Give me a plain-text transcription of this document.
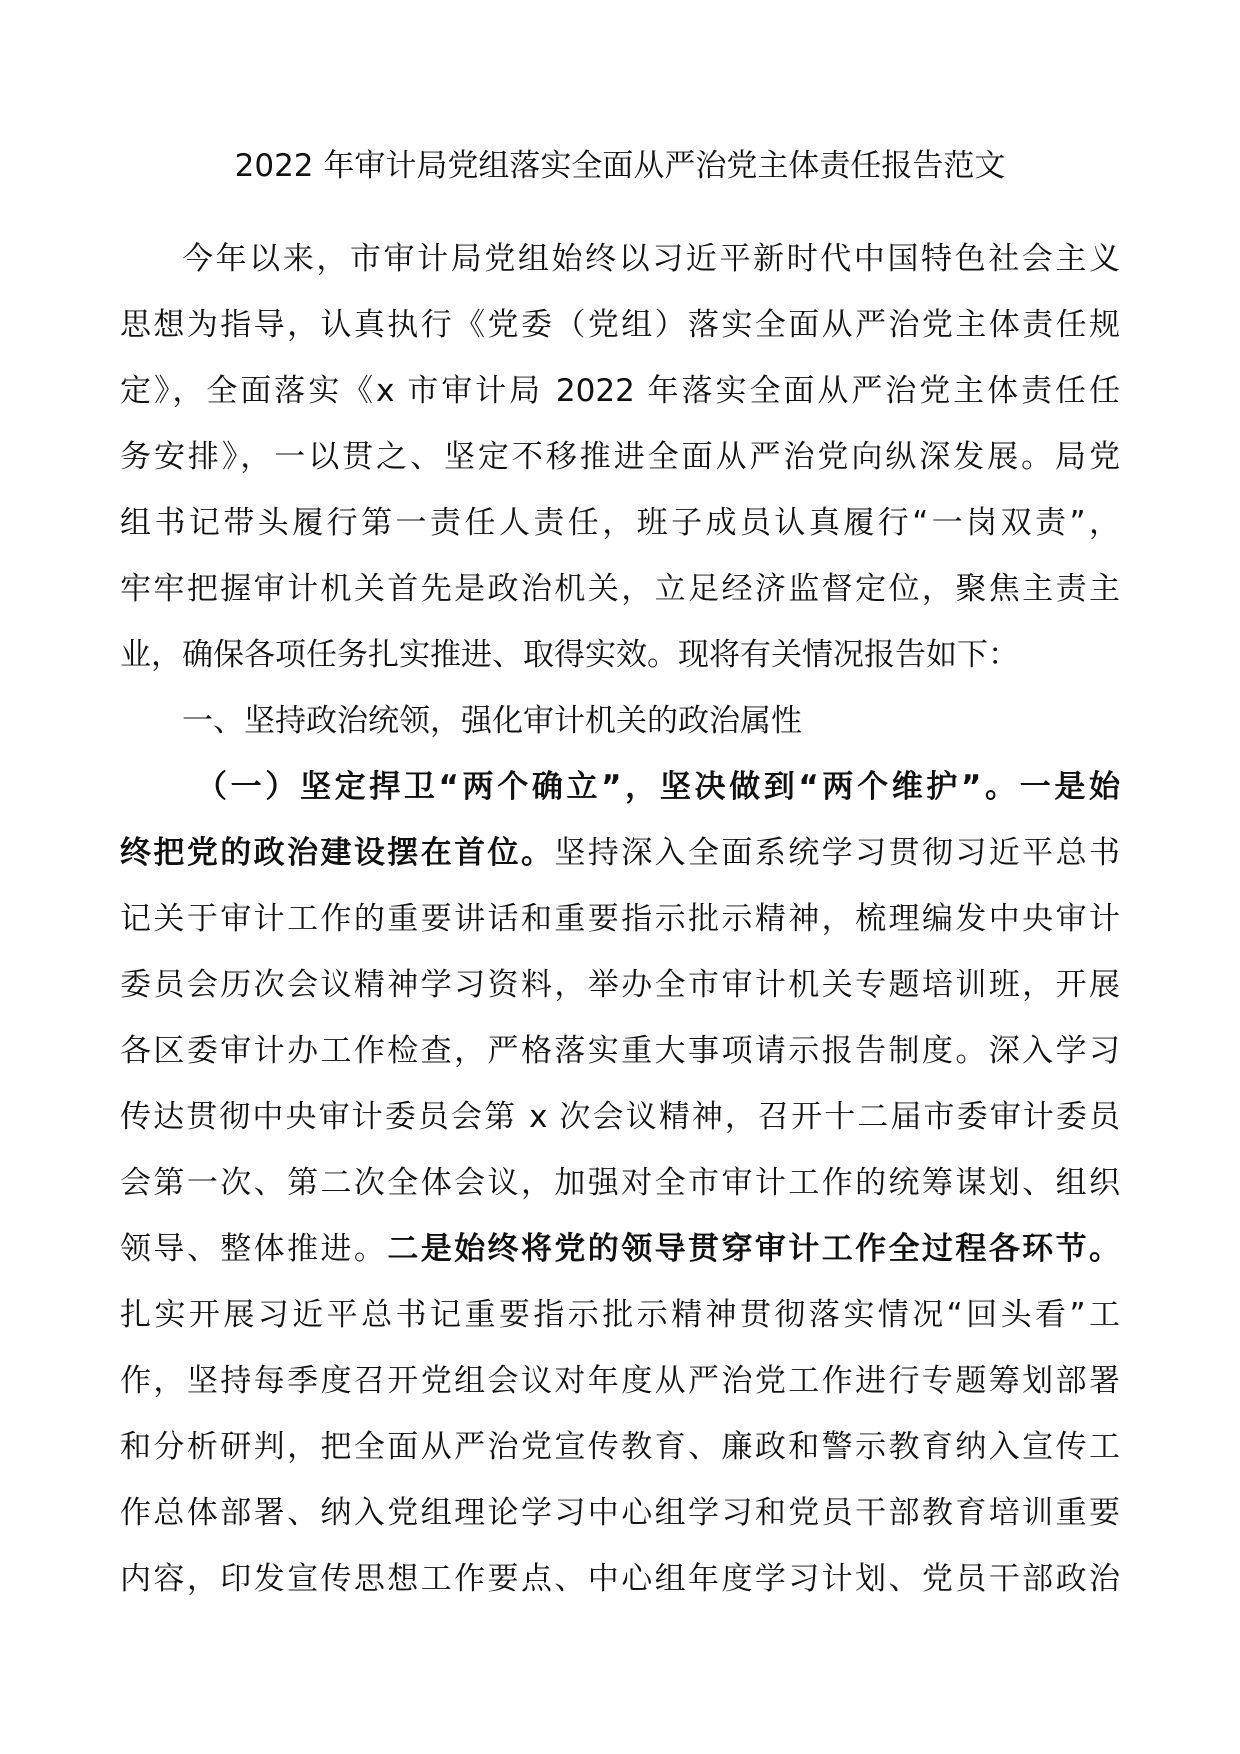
2022 年审计局党组落实全面从严治党主体责任报告范文
今年以来，市审计局党组始终以习近平新时代中国特色社会主义
思想为指导，认真执行《党委（党组）落实全面从严治党主体责任规
定》，全面落实《x 市审计局 2022 年落实全面从严治党主体责任任
务安排》，一以贯之、坚定不移推进全面从严治党向纵深发展。局党
组书记带头履行第一责任人责任，班子成员认真履行“一岗双责”，
牢牢把握审计机关首先是政治机关，立足经济监督定位，聚焦主责主
业，确保各项任务扎实推进、取得实效。现将有关情况报告如下：
一、坚持政治统领，强化审计机关的政治属性
（一）坚定捍卫“两个确立”，坚决做到“两个维护”。一是始
终把党的政治建设摆在首位。坚持深入全面系统学习贯彻习近平总书
记关于审计工作的重要讲话和重要指示批示精神，梳理编发中央审计
委员会历次会议精神学习资料，举办全市审计机关专题培训班，开展
各区委审计办工作检查，严格落实重大事项请示报告制度。深入学习
传达贯彻中央审计委员会第 x 次会议精神，召开十二届市委审计委员
会第一次、第二次全体会议，加强对全市审计工作的统筹谋划、组织
领导、整体推进。二是始终将党的领导贯穿审计工作全过程各环节。
扎实开展习近平总书记重要指示批示精神贯彻落实情况“回头看”工
作，坚持每季度召开党组会议对年度从严治党工作进行专题筹划部署
和分析研判，把全面从严治党宣传教育、廉政和警示教育纳入宣传工
作总体部署、纳入党组理论学习中心组学习和党员干部教育培训重要
内容，印发宣传思想工作要点、中心组年度学习计划、党员干部政治
